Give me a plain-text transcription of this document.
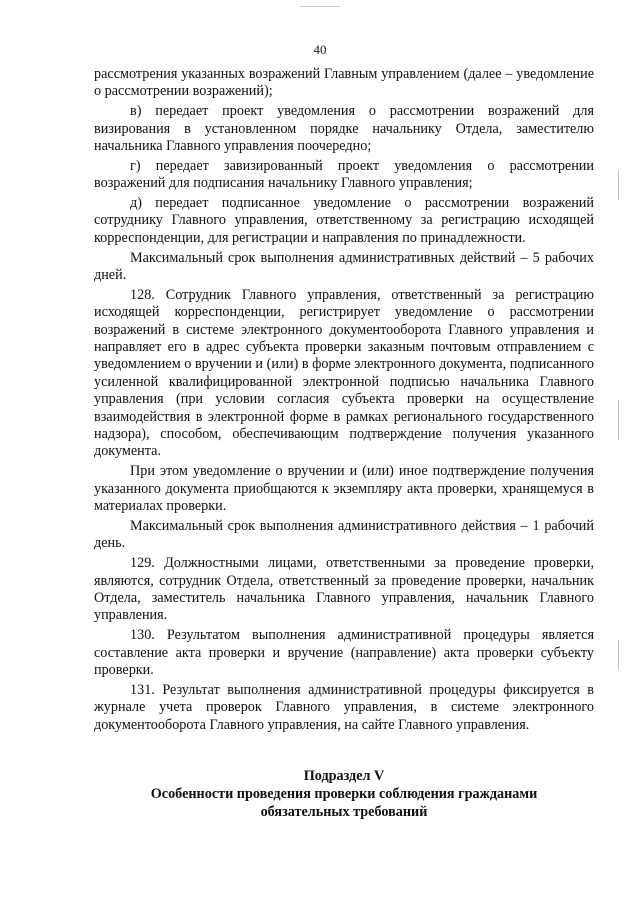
40

рассмотрения указанных возражений Главным управлением (далее – уведомление о рассмотрении возражений);

в) передает проект уведомления о рассмотрении возражений для визирования в установленном порядке начальнику Отдела, заместителю начальника Главного управления поочередно;

г) передает завизированный проект уведомления о рассмотрении возражений для подписания начальнику Главного управления;

д) передает подписанное уведомление о рассмотрении возражений сотруднику Главного управления, ответственному за регистрацию исходящей корреспонденции, для регистрации и направления по принадлежности.

Максимальный срок выполнения административных действий – 5 рабочих дней.

128. Сотрудник Главного управления, ответственный за регистрацию исходящей корреспонденции, регистрирует уведомление о рассмотрении возражений в системе электронного документооборота Главного управления и направляет его в адрес субъекта проверки заказным почтовым отправлением с уведомлением о вручении и (или) в форме электронного документа, подписанного усиленной квалифицированной электронной подписью начальника Главного управления (при условии согласия субъекта проверки на осуществление взаимодействия в электронной форме в рамках регионального государственного надзора), способом, обеспечивающим подтверждение получения указанного документа.

При этом уведомление о вручении и (или) иное подтверждение получения указанного документа приобщаются к экземпляру акта проверки, хранящемуся в материалах проверки.

Максимальный срок выполнения административного действия – 1 рабочий день.

129. Должностными лицами, ответственными за проведение проверки, являются, сотрудник Отдела, ответственный за проведение проверки, начальник Отдела, заместитель начальника Главного управления, начальник Главного управления.

130. Результатом выполнения административной процедуры является составление акта проверки и вручение (направление) акта проверки субъекту проверки.

131. Результат выполнения административной процедуры фиксируется в журнале учета проверок Главного управления, в системе электронного документооборота Главного управления, на сайте Главного управления.

Подраздел V
Особенности проведения проверки соблюдения гражданами
обязательных требований
